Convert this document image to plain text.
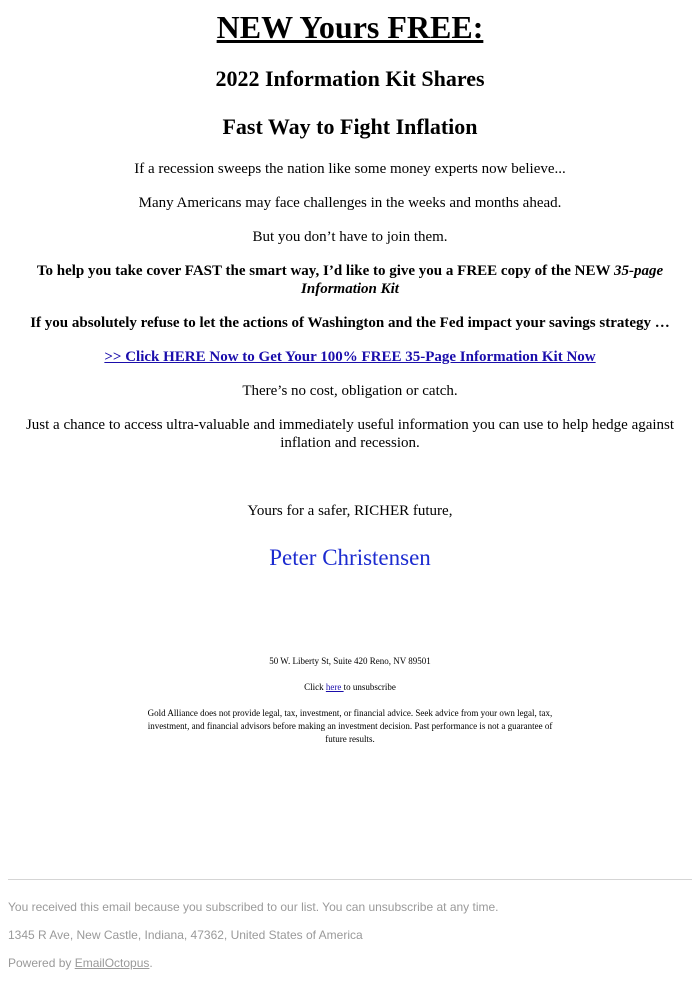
NEW Yours FREE:
2022 Information Kit Shares
Fast Way to Fight Inflation
If a recession sweeps the nation like some money experts now believe...
Many Americans may face challenges in the weeks and months ahead.
But you don’t have to join them.
To help you take cover FAST the smart way, I’d like to give you a FREE copy of the NEW 35-page Information Kit
If you absolutely refuse to let the actions of Washington and the Fed impact your savings strategy …
>> Click HERE Now to Get Your 100% FREE 35-Page Information Kit Now
There’s no cost, obligation or catch.
Just a chance to access ultra-valuable and immediately useful information you can use to help hedge against inflation and recession.
Yours for a safer, RICHER future,
Peter Christensen
50 W. Liberty St, Suite 420 Reno, NV 89501
Click here to unsubscribe
Gold Alliance does not provide legal, tax, investment, or financial advice. Seek advice from your own legal, tax, investment, and financial advisors before making an investment decision. Past performance is not a guarantee of future results.
You received this email because you subscribed to our list. You can unsubscribe at any time.
1345 R Ave, New Castle, Indiana, 47362, United States of America
Powered by EmailOctopus.
